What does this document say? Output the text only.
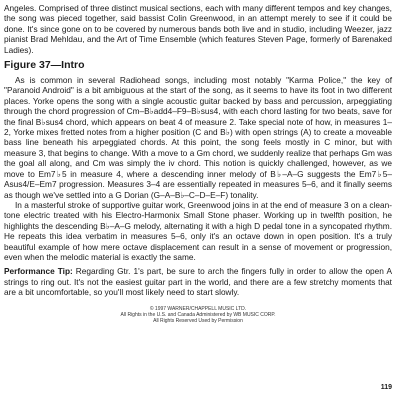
Angeles. Comprised of three distinct musical sections, each with many different tempos and key changes, the song was pieced together, said bassist Colin Greenwood, in an attempt merely to see if it could be done. It's since gone on to be covered by numerous bands both live and in studio, including Weezer, jazz pianist Brad Mehldau, and the Art of Time Ensemble (which features Steven Page, formerly of Barenaked Ladies).

Figure 37—Intro

As is common in several Radiohead songs, including most notably "Karma Police," the key of "Paranoid Android" is a bit ambiguous at the start of the song, as it seems to have its foot in two different places. Yorke opens the song with a single acoustic guitar backed by bass and percussion, arpeggiating through the chord progression of Cm–B♭add4–F9–B♭sus4, with each chord lasting for two beats, save for the final B♭sus4 chord, which appears on beat 4 of measure 2. Take special note of how, in measures 1–2, Yorke mixes fretted notes from a higher position (C and B♭) with open strings (A) to create a moveable bass line beneath his arpeggiated chords. At this point, the song feels mostly in C minor, but with measure 3, that begins to change. With a move to a Gm chord, we suddenly realize that perhaps Gm was the goal all along, and Cm was simply the iv chord. This notion is quickly challenged, however, as we move to Em7♭5 in measure 4, where a descending inner melody of B♭–A–G suggests the Em7♭5–Asus4/E–Em7 progression. Measures 3–4 are essentially repeated in measures 5–6, and it finally seems as though we've settled into a G Dorian (G–A–B♭–C–D–E–F) tonality.

In a masterful stroke of supportive guitar work, Greenwood joins in at the end of measure 3 on a clean-tone electric treated with his Electro-Harmonix Small Stone phaser. Working up in twelfth position, he highlights the descending B♭–A–G melody, alternating it with a high D pedal tone in a syncopated rhythm. He repeats this idea verbatim in measures 5–6, only it's an octave down in open position. It's a truly beautiful example of how mere octave displacement can result in a sense of movement or progression, even when the melodic material is exactly the same.

Performance Tip: Regarding Gtr. 1's part, be sure to arch the fingers fully in order to allow the open A strings to ring out. It's not the easiest guitar part in the world, and there are a few stretchy moments that are a bit uncomfortable, so you'll most likely need to start slowly.

© 1997 WARNER/CHAPPELL MUSIC LTD.
All Rights in the U.S. and Canada Administered by WB MUSIC CORP.
All Rights Reserved Used by Permission
119
